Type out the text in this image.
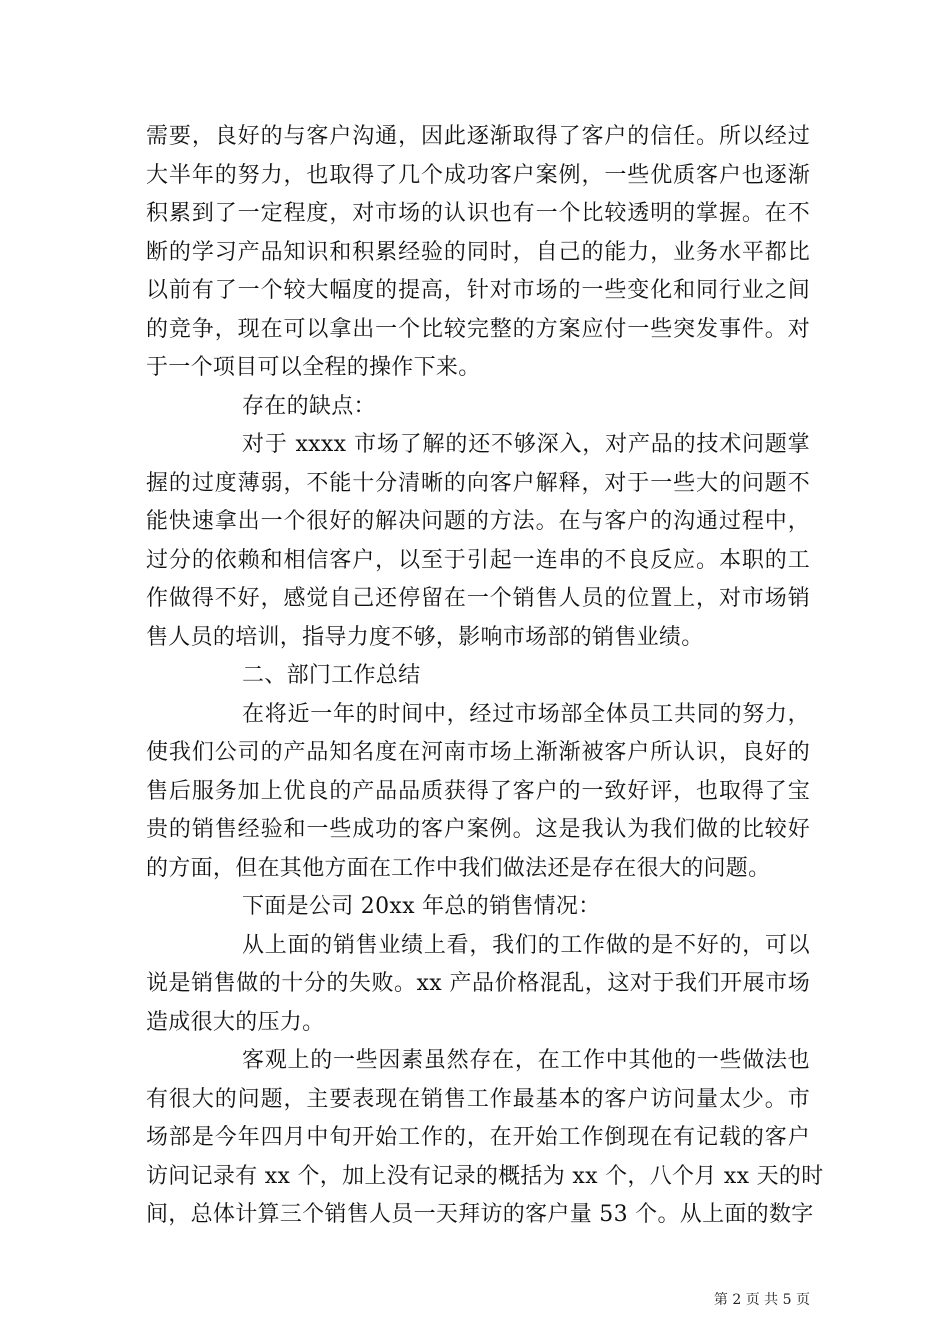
需要，良好的与客户沟通，因此逐渐取得了客户的信任。所以经过
大半年的努力，也取得了几个成功客户案例，一些优质客户也逐渐
积累到了一定程度，对市场的认识也有一个比较透明的掌握。在不
断的学习产品知识和积累经验的同时，自己的能力，业务水平都比
以前有了一个较大幅度的提高，针对市场的一些变化和同行业之间
的竞争，现在可以拿出一个比较完整的方案应付一些突发事件。对
于一个项目可以全程的操作下来。
存在的缺点：
对于 xxxx 市场了解的还不够深入，对产品的技术问题掌
握的过度薄弱，不能十分清晰的向客户解释，对于一些大的问题不
能快速拿出一个很好的解决问题的方法。在与客户的沟通过程中，
过分的依赖和相信客户，以至于引起一连串的不良反应。本职的工
作做得不好，感觉自己还停留在一个销售人员的位置上，对市场销
售人员的培训，指导力度不够，影响市场部的销售业绩。
二、部门工作总结
在将近一年的时间中，经过市场部全体员工共同的努力，
使我们公司的产品知名度在河南市场上渐渐被客户所认识，良好的
售后服务加上优良的产品品质获得了客户的一致好评，也取得了宝
贵的销售经验和一些成功的客户案例。这是我认为我们做的比较好
的方面，但在其他方面在工作中我们做法还是存在很大的问题。
下面是公司 20xx 年总的销售情况：
从上面的销售业绩上看，我们的工作做的是不好的，可以
说是销售做的十分的失败。xx 产品价格混乱，这对于我们开展市场
造成很大的压力。
客观上的一些因素虽然存在，在工作中其他的一些做法也
有很大的问题，主要表现在销售工作最基本的客户访问量太少。市
场部是今年四月中旬开始工作的，在开始工作倒现在有记载的客户
访问记录有 xx 个，加上没有记录的概括为 xx 个，八个月 xx 天的时
间，总体计算三个销售人员一天拜访的客户量 53 个。从上面的数字
第 2 页 共 5 页
